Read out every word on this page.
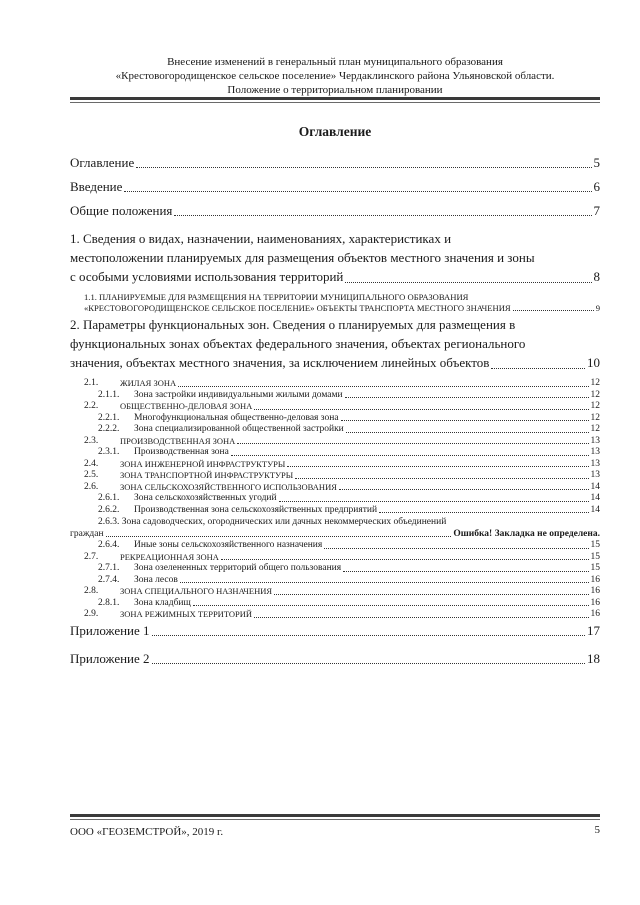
Внесение изменений в генеральный план муниципального образования
«Крестовогородищенское сельское поселение» Чердаклинского района Ульяновской области.
Положение о территориальном планировании
Оглавление
Оглавление	5
Введение	6
Общие положения	7
1. Сведения о видах, назначении, наименованиях, характеристиках и
местоположении планируемых для размещения объектов местного значения и зоны
с особыми условиями использования территорий	8
1.1. ПЛАНИРУЕМЫЕ ДЛЯ РАЗМЕЩЕНИЯ НА ТЕРРИТОРИИ МУНИЦИПАЛЬНОГО ОБРАЗОВАНИЯ
«КРЕСТОВОГОРОДИЩЕНСКОЕ СЕЛЬСКОЕ ПОСЕЛЕНИЕ» ОБЪЕКТЫ ТРАНСПОРТА МЕСТНОГО ЗНАЧЕНИЯ	9
2. Параметры функциональных зон. Сведения о планируемых для размещения в
функциональных зонах объектах федерального значения, объектах регионального
значения, объектах местного значения, за исключением линейных объектов	10
2.1.	ЖИЛАЯ ЗОНА	12
2.1.1.	Зона застройки индивидуальными жилыми домами	12
2.2.	ОБЩЕСТВЕННО-ДЕЛОВАЯ ЗОНА	12
2.2.1.	Многофункциональная общественно-деловая зона	12
2.2.2.	Зона специализированной общественной застройки	12
2.3.	ПРОИЗВОДСТВЕННАЯ ЗОНА	13
2.3.1.	Производственная зона	13
2.4.	ЗОНА ИНЖЕНЕРНОЙ ИНФРАСТРУКТУРЫ	13
2.5.	ЗОНА ТРАНСПОРТНОЙ ИНФРАСТРУКТУРЫ	13
2.6.	ЗОНА СЕЛЬСКОХОЗЯЙСТВЕННОГО ИСПОЛЬЗОВАНИЯ	14
2.6.1.	Зона сельскохозяйственных угодий	14
2.6.2.	Производственная зона сельскохозяйственных предприятий	14
2.6.3. Зона садоводческих, огороднических или дачных некоммерческих объединений
граждан	Ошибка! Закладка не определена.
2.6.4.	Иные зоны сельскохозяйственного назначения	15
2.7.	РЕКРЕАЦИОННАЯ ЗОНА	15
2.7.1.	Зона озелененных территорий общего пользования	15
2.7.4.	Зона лесов	16
2.8.	ЗОНА СПЕЦИАЛЬНОГО НАЗНАЧЕНИЯ	16
2.8.1.	Зона кладбищ	16
2.9.	ЗОНА РЕЖИМНЫХ ТЕРРИТОРИЙ	16
Приложение 1	17
Приложение 2	18
ООО «ГЕОЗЕМСТРОЙ», 2019 г.	5
